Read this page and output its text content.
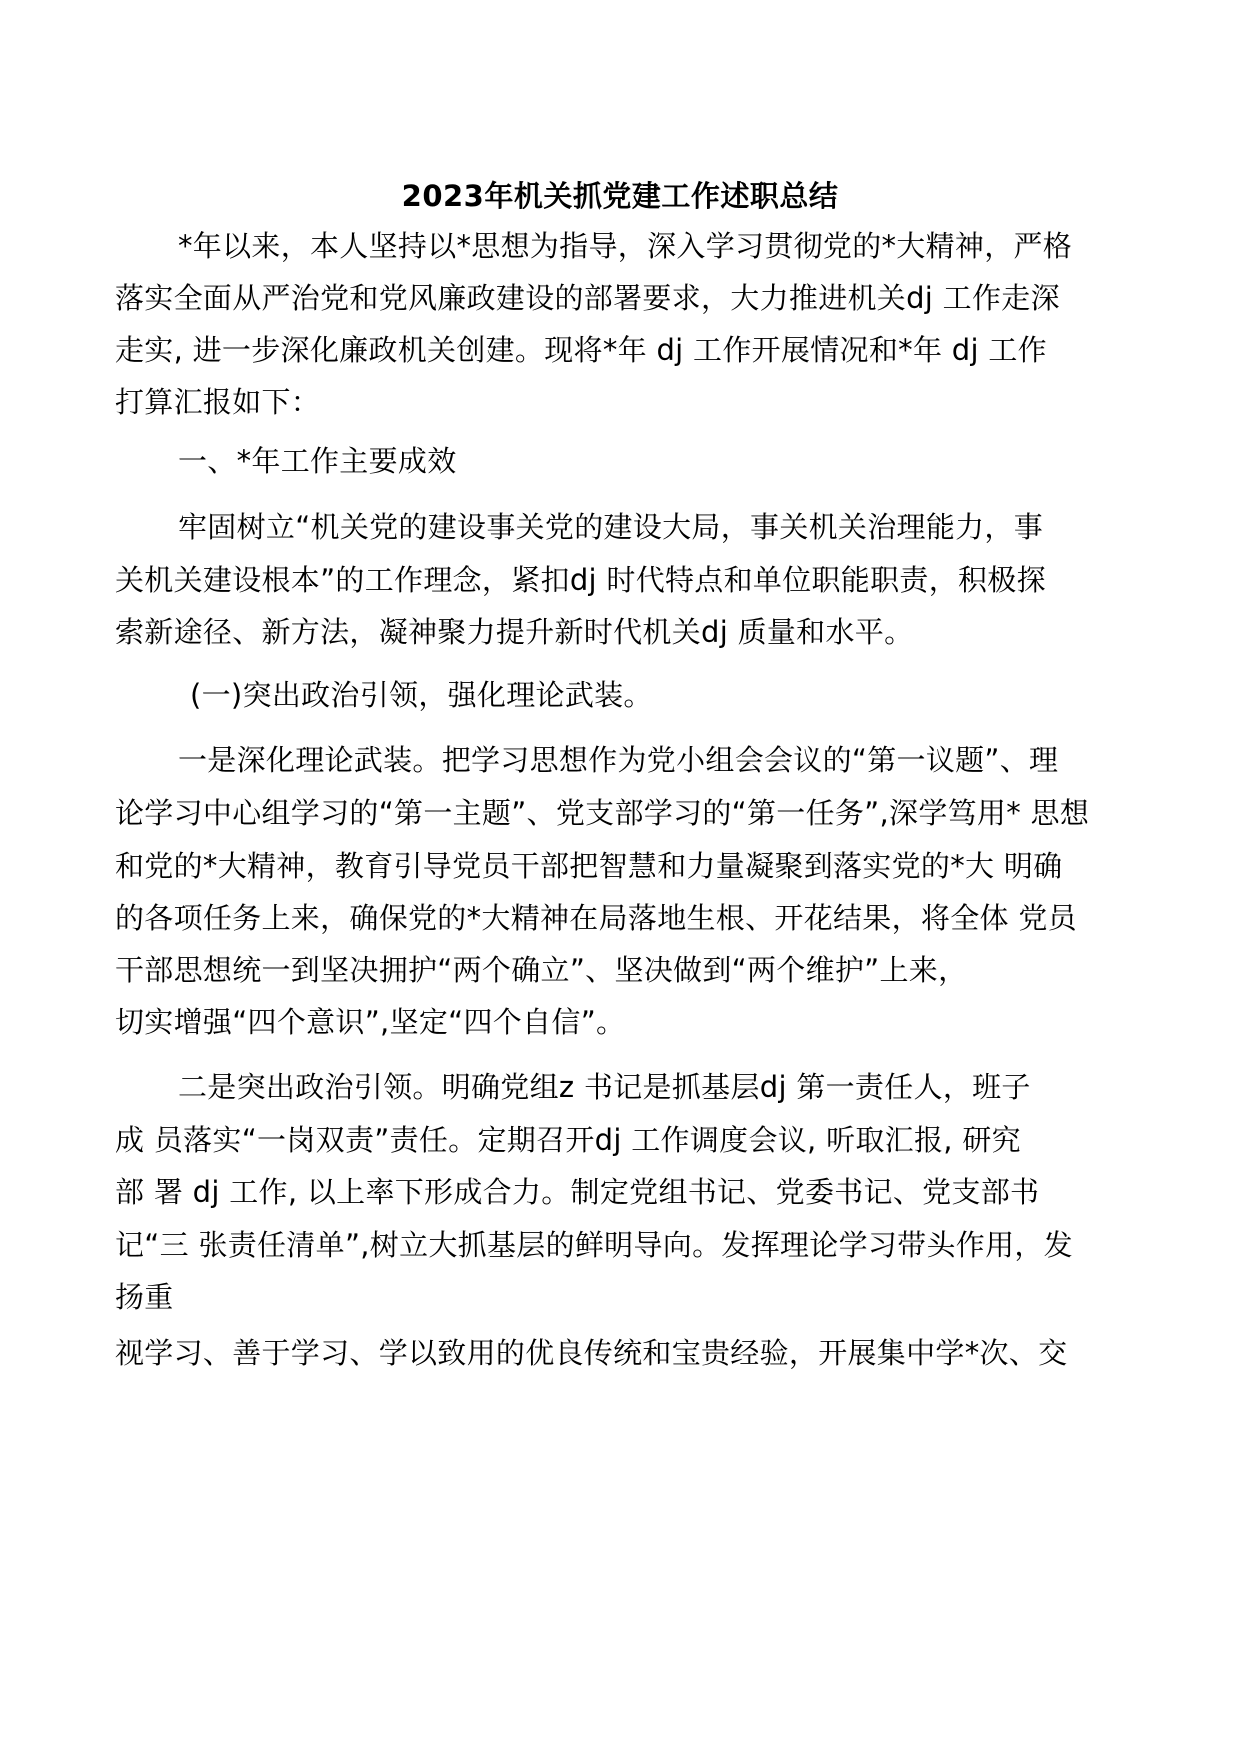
2023年机关抓党建工作述职总结
*年以来，本人坚持以*思想为指导，深入学习贯彻党的*大精神，严格
落实全面从严治党和党风廉政建设的部署要求，大力推进机关dj 工作走深
走实, 进一步深化廉政机关创建。现将*年 dj 工作开展情况和*年 dj 工作
打算汇报如下：
一、*年工作主要成效
牢固树立“机关党的建设事关党的建设大局，事关机关治理能力，事
关机关建设根本”的工作理念，紧扣dj 时代特点和单位职能职责，积极探
索新途径、新方法，凝神聚力提升新时代机关dj 质量和水平。
(一)突出政治引领，强化理论武装。
一是深化理论武装。把学习思想作为党小组会会议的“第一议题”、理
论学习中心组学习的“第一主题”、党支部学习的“第一任务”,深学笃用* 思想
和党的*大精神，教育引导党员干部把智慧和力量凝聚到落实党的*大 明确
的各项任务上来，确保党的*大精神在局落地生根、开花结果，将全体 党员
干部思想统一到坚决拥护“两个确立”、坚决做到“两个维护”上来，
切实增强“四个意识”,坚定“四个自信”。
二是突出政治引领。明确党组z 书记是抓基层dj 第一责任人，班子
成 员落实“一岗双责”责任。定期召开dj 工作调度会议, 听取汇报, 研究
部 署 dj 工作, 以上率下形成合力。制定党组书记、党委书记、党支部书
记“三 张责任清单”,树立大抓基层的鲜明导向。发挥理论学习带头作用，发
扬重
视学习、善于学习、学以致用的优良传统和宝贵经验，开展集中学*次、交
